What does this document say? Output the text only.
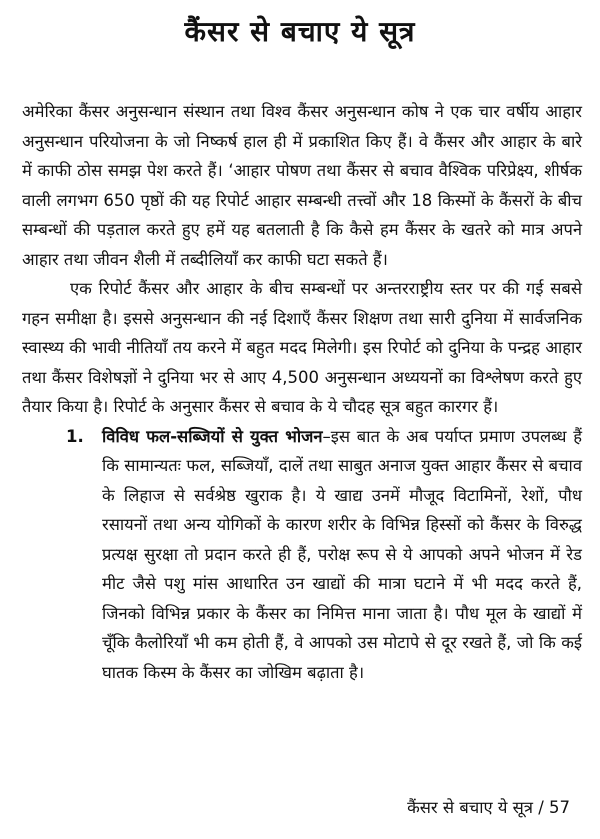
कैंसर से बचाए ये सूत्र

अमेरिका कैंसर अनुसन्धान संस्थान तथा विश्व कैंसर अनुसन्धान कोष ने एक चार वर्षीय आहार अनुसन्धान परियोजना के जो निष्कर्ष हाल ही में प्रकाशित किए हैं। वे कैंसर और आहार के बारे में काफी ठोस समझ पेश करते हैं। ‘आहार पोषण तथा कैंसर से बचाव वैश्विक परिप्रेक्ष्य, शीर्षक वाली लगभग 650 पृष्ठों की यह रिपोर्ट आहार सम्बन्धी तत्त्वों और 18 किस्मों के कैंसरों के बीच सम्बन्धों की पड़ताल करते हुए हमें यह बतलाती है कि कैसे हम कैंसर के खतरे को मात्र अपने आहार तथा जीवन शैली में तब्दीलियाँ कर काफी घटा सकते हैं।

एक रिपोर्ट कैंसर और आहार के बीच सम्बन्धों पर अन्तरराष्ट्रीय स्तर पर की गई सबसे गहन समीक्षा है। इससे अनुसन्धान की नई दिशाएँ कैंसर शिक्षण तथा सारी दुनिया में सार्वजनिक स्वास्थ्य की भावी नीतियाँ तय करने में बहुत मदद मिलेगी। इस रिपोर्ट को दुनिया के पन्द्रह आहार तथा कैंसर विशेषज्ञों ने दुनिया भर से आए 4,500 अनुसन्धान अध्ययनों का विश्लेषण करते हुए तैयार किया है। रिपोर्ट के अनुसार कैंसर से बचाव के ये चौदह सूत्र बहुत कारगर हैं।

1. विविध फल-सब्जियों से युक्त भोजन–इस बात के अब पर्याप्त प्रमाण उपलब्ध हैं कि सामान्यतः फल, सब्जियाँ, दालें तथा साबुत अनाज युक्त आहार कैंसर से बचाव के लिहाज से सर्वश्रेष्ठ खुराक है। ये खाद्य उनमें मौजूद विटामिनों, रेशों, पौध रसायनों तथा अन्य योगिकों के कारण शरीर के विभिन्न हिस्सों को कैंसर के विरुद्ध प्रत्यक्ष सुरक्षा तो प्रदान करते ही हैं, परोक्ष रूप से ये आपको अपने भोजन में रेड मीट जैसे पशु मांस आधारित उन खाद्यों की मात्रा घटाने में भी मदद करते हैं, जिनको विभिन्न प्रकार के कैंसर का निमित्त माना जाता है। पौध मूल के खाद्यों में चूँकि कैलोरियाँ भी कम होती हैं, वे आपको उस मोटापे से दूर रखते हैं, जो कि कई घातक किस्म के कैंसर का जोखिम बढ़ाता है।
कैंसर से बचाए ये सूत्र / 57
